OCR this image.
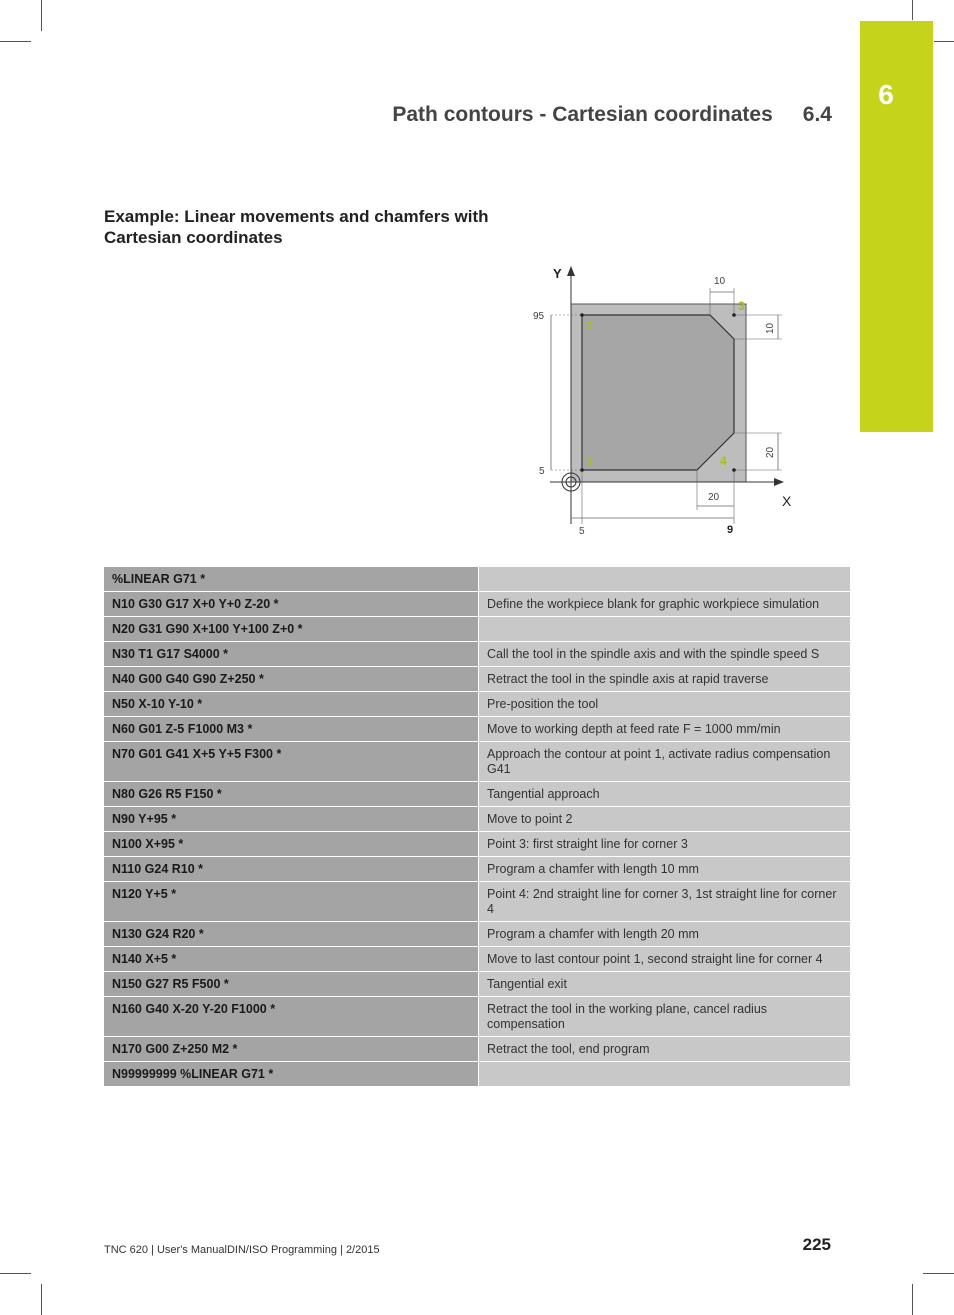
6
Path contours - Cartesian coordinates 6.4
Example: Linear movements and chamfers with Cartesian coordinates
Y
X
10
10
20
20
95
5
5	9
1
2
3
4
%LINEAR G71 *	
N10 G30 G17 X+0 Y+0 Z-20 *	Define the workpiece blank for graphic workpiece simulation
N20 G31 G90 X+100 Y+100 Z+0 *	
N30 T1 G17 S4000 *	Call the tool in the spindle axis and with the spindle speed S
N40 G00 G40 G90 Z+250 *	Retract the tool in the spindle axis at rapid traverse
N50 X-10 Y-10 *	Pre-position the tool
N60 G01 Z-5 F1000 M3 *	Move to working depth at feed rate F = 1000 mm/min
N70 G01 G41 X+5 Y+5 F300 *	Approach the contour at point 1, activate radius compensation G41
N80 G26 R5 F150 *	Tangential approach
N90 Y+95 *	Move to point 2
N100 X+95 *	Point 3: first straight line for corner 3
N110 G24 R10 *	Program a chamfer with length 10 mm
N120 Y+5 *	Point 4: 2nd straight line for corner 3, 1st straight line for corner 4
N130 G24 R20 *	Program a chamfer with length 20 mm
N140 X+5 *	Move to last contour point 1, second straight line for corner 4
N150 G27 R5 F500 *	Tangential exit
N160 G40 X-20 Y-20 F1000 *	Retract the tool in the working plane, cancel radius compensation
N170 G00 Z+250 M2 *	Retract the tool, end program
N99999999 %LINEAR G71 *	
TNC 620 | User's ManualDIN/ISO Programming | 2/2015	225
